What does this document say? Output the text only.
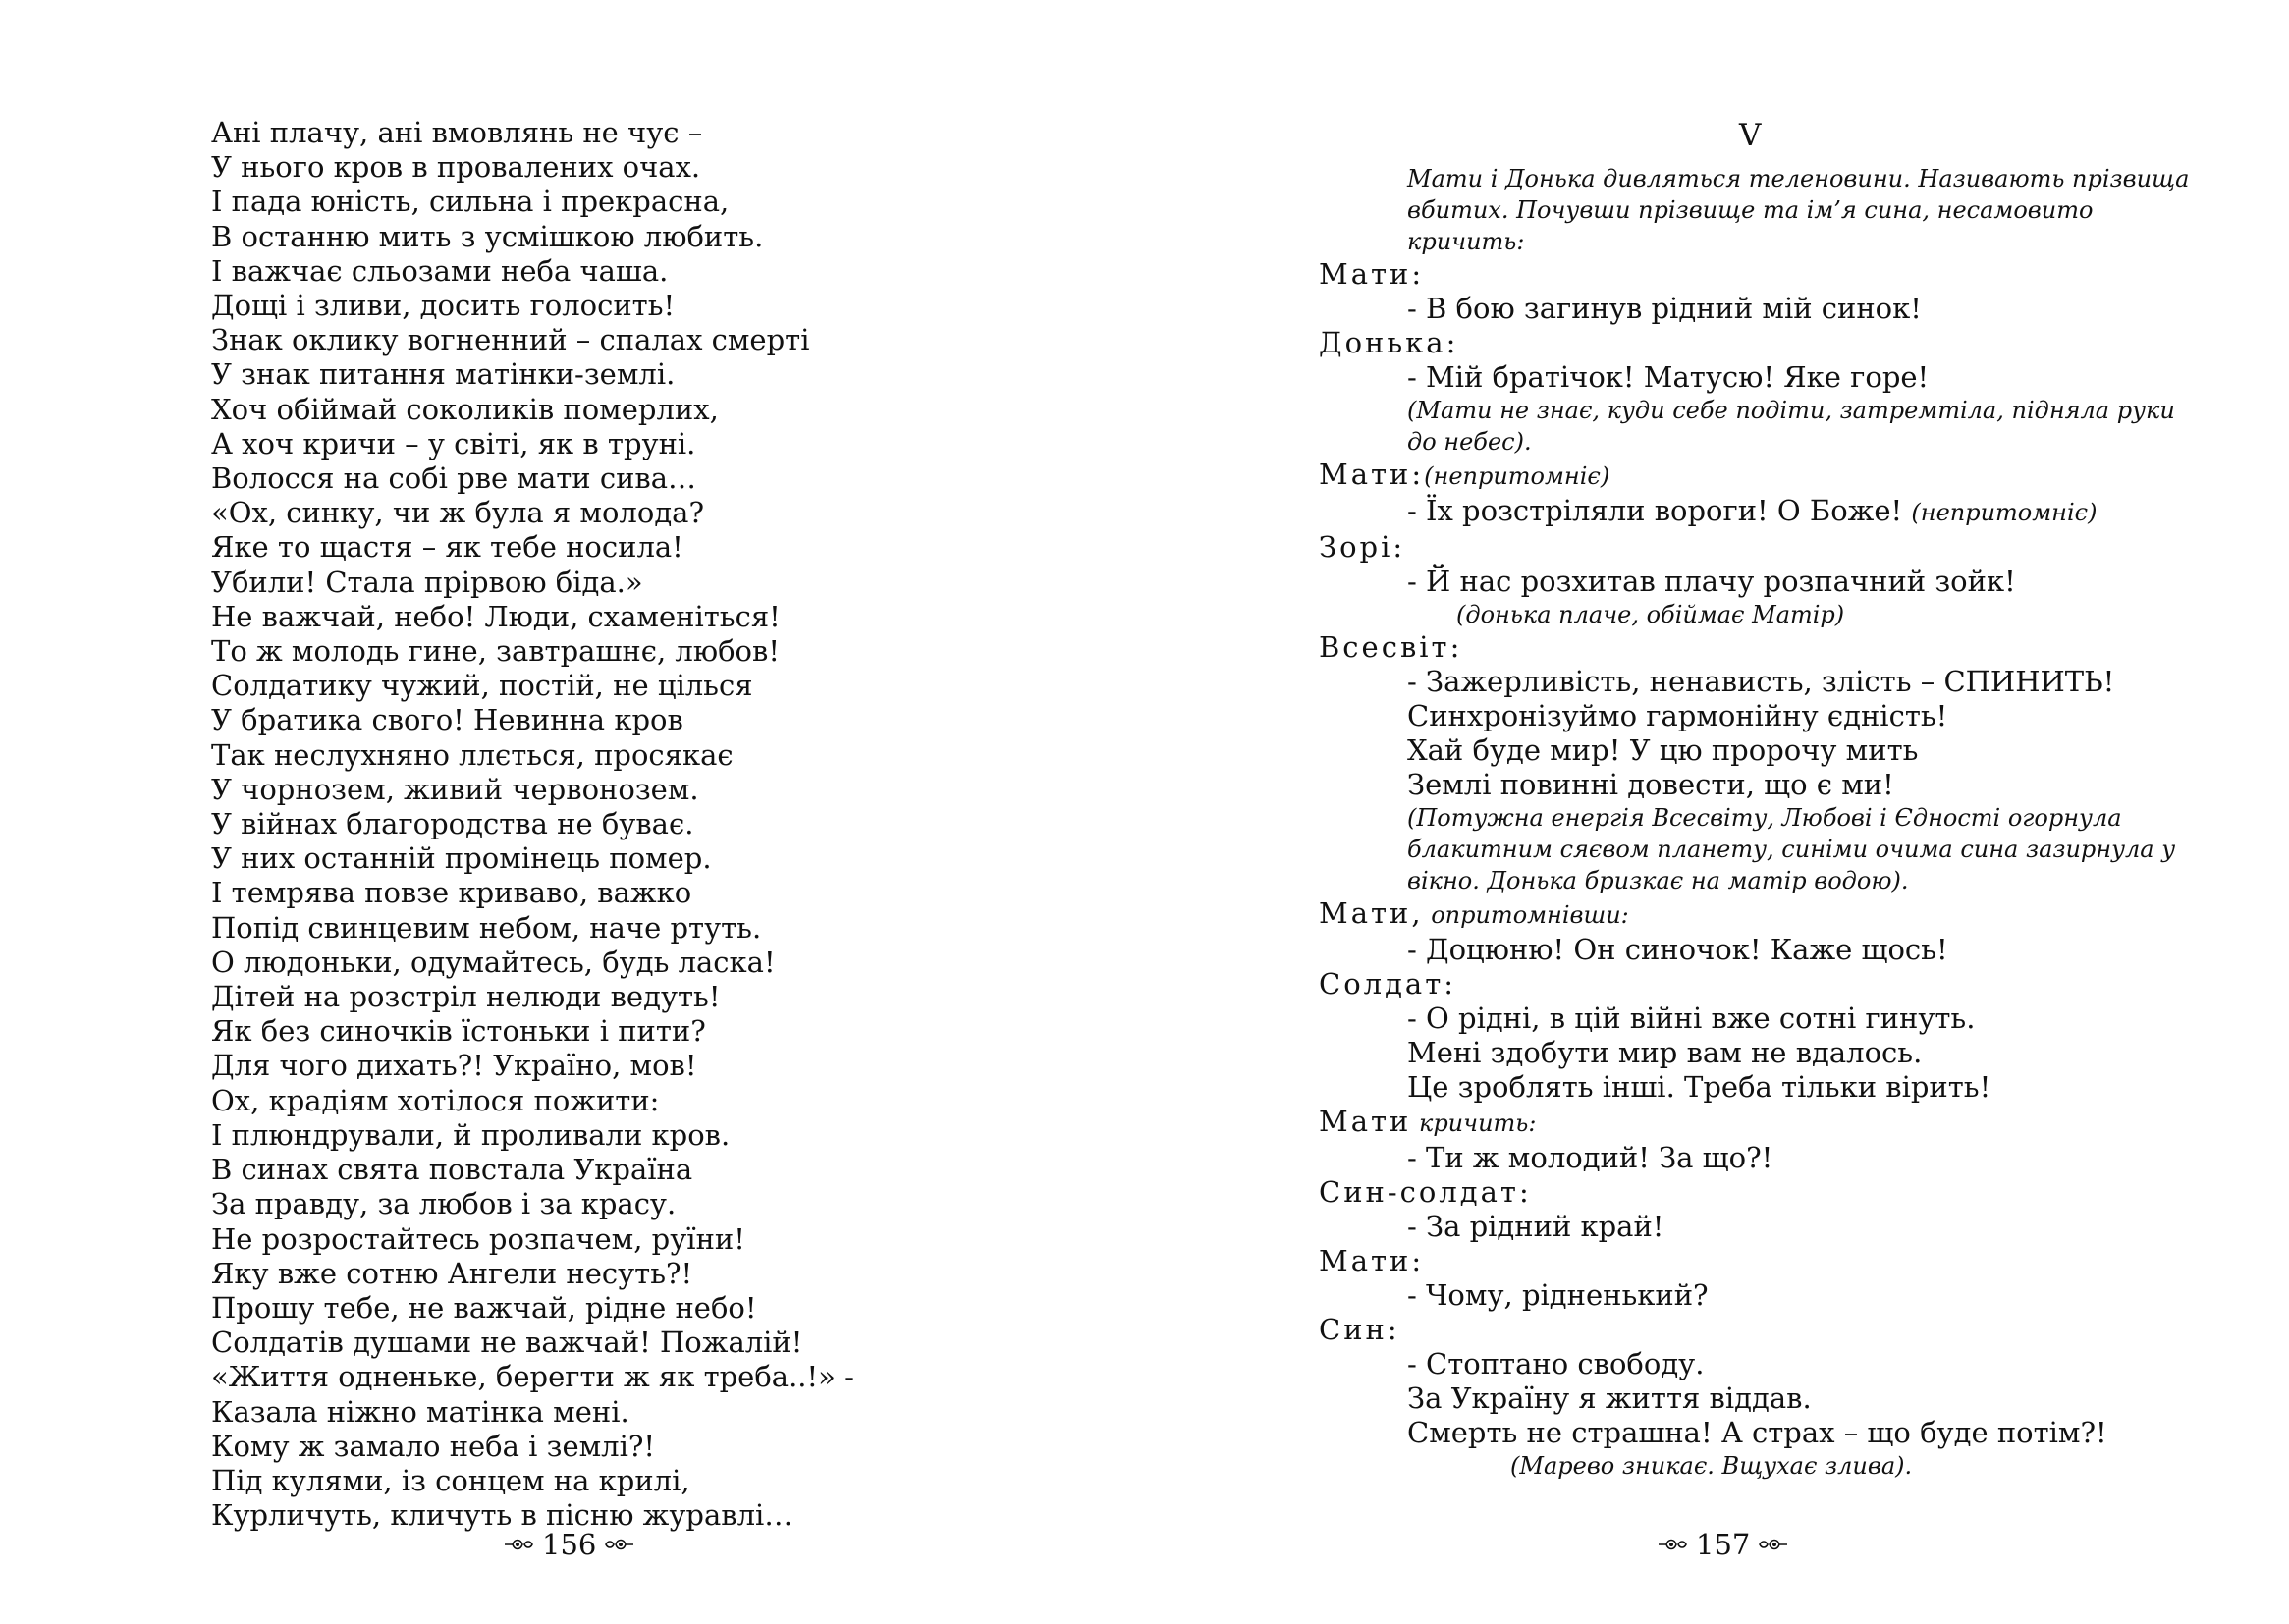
Ані плачу, ані вмовлянь не чує –
У нього кров в провалених очах.
І пада юність, сильна і прекрасна,
В останню мить з усмішкою любить.
І важчає сльозами неба чаша.
Дощі і зливи, досить голосить!
Знак оклику вогненний – спалах смерті
У знак питання матінки-землі.
Хоч обіймай соколиків померлих,
А хоч кричи – у світі, як в труні.
Волосся на собі рве мати сива…
«Ох, синку, чи ж була я молода?
Яке то щастя – як тебе носила!
Убили! Стала прірвою біда.»
Не важчай, небо! Люди, схаменіться!
То ж молодь гине, завтрашнє, любов!
Солдатику чужий, постій, не цілься
У братика свого! Невинна кров
Так неслухняно ллється, просякає
У чорнозем, живий червонозем.
У війнах благородства не буває.
У них останній промінець помер.
І темрява повзе криваво, важко
Попід свинцевим небом, наче ртуть.
О людоньки, одумайтесь, будь ласка!
Дітей на розстріл нелюди ведуть!
Як без синочків їстоньки і пити?
Для чого дихать?! Україно, мов!
Ох, крадіям хотілося пожити:
І плюндрували, й проливали кров.
В синах свята повстала Україна
За правду, за любов і за красу.
Не розростайтесь розпачем, руїни!
Яку вже сотню Ангели несуть?!
Прошу тебе, не важчай, рідне небо!
Солдатів душами не важчай! Пожалій!
«Життя одненьке, берегти ж як треба..!» -
Казала ніжно матінка мені.
Кому ж замало неба і землі?!
Під кулями, із сонцем на крилі,
Курличуть, кличуть в пісню журавлі…
156
V
Мати і Донька дивляться теленовини. Називають прізвища
вбитих. Почувши прізвище та ім’я сина, несамовито
кричить:
Мати:
- В бою загинув рідний мій синок!
Донька:
- Мій братічок! Матусю! Яке горе!
(Мати не знає, куди себе подіти, затремтіла, підняла руки
до небес).
Мати:(непритомніє)
- Їх розстріляли вороги! О Боже! (непритомніє)
Зорі:
- Й нас розхитав плачу розпачний зойк!
(донька плаче, обіймає Матір)
Всесвіт:
- Зажерливість, ненависть, злість – СПИНИТЬ!
Синхронізуймо гармонійну єдність!
Хай буде мир! У цю пророчу мить
Землі повинні довести, що є ми!
(Потужна енергія Всесвіту, Любові і Єдності огорнула
блакитним сяєвом планету, синіми очима сина зазирнула у
вікно. Донька бризкає на матір водою).
Мати, опритомнівши:
- Доцюню! Он синочок! Каже щось!
Солдат:
- О рідні, в цій війні вже сотні гинуть.
Мені здобути мир вам не вдалось.
Це зроблять інші. Треба тільки вірить!
Мати кричить:
- Ти ж молодий! За що?!
Син-солдат:
- За рідний край!
Мати:
- Чому, рідненький?
Син:
- Стоптано свободу.
За Україну я життя віддав.
Смерть не страшна! А страх – що буде потім?!
(Марево зникає. Вщухає злива).
157
